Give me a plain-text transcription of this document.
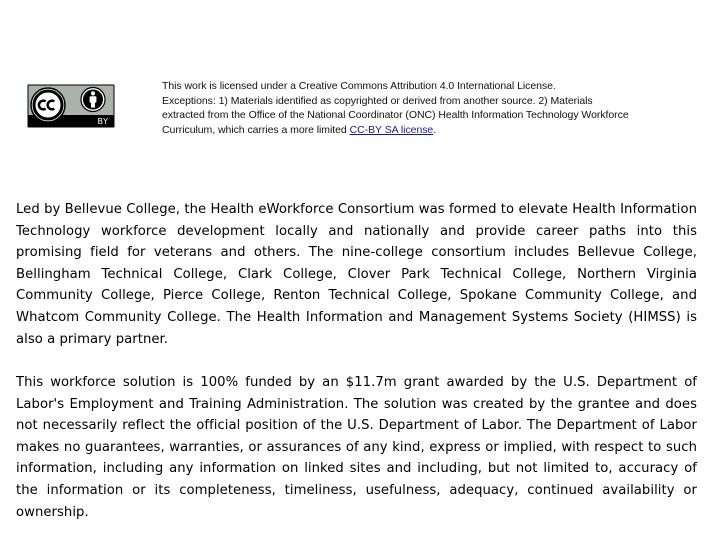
BY
This work is licensed under a Creative Commons Attribution 4.0 International License.
Exceptions: 1) Materials identified as copyrighted or derived from another source. 2) Materials
extracted from the Office of the National Coordinator (ONC) Health Information Technology Workforce
Curriculum, which carries a more limited CC-BY SA license.

Led by Bellevue College, the Health eWorkforce Consortium was formed to elevate Health Information Technology workforce development locally and nationally and provide career paths into this promising field for veterans and others. The nine-college consortium includes Bellevue College, Bellingham Technical College, Clark College, Clover Park Technical College, Northern Virginia Community College, Pierce College, Renton Technical College, Spokane Community College, and Whatcom Community College. The Health Information and Management Systems Society (HIMSS) is also a primary partner.

This workforce solution is 100% funded by an $11.7m grant awarded by the U.S. Department of Labor's Employment and Training Administration. The solution was created by the grantee and does not necessarily reflect the official position of the U.S. Department of Labor. The Department of Labor makes no guarantees, warranties, or assurances of any kind, express or implied, with respect to such information, including any information on linked sites and including, but not limited to, accuracy of the information or its completeness, timeliness, usefulness, adequacy, continued availability or ownership.
